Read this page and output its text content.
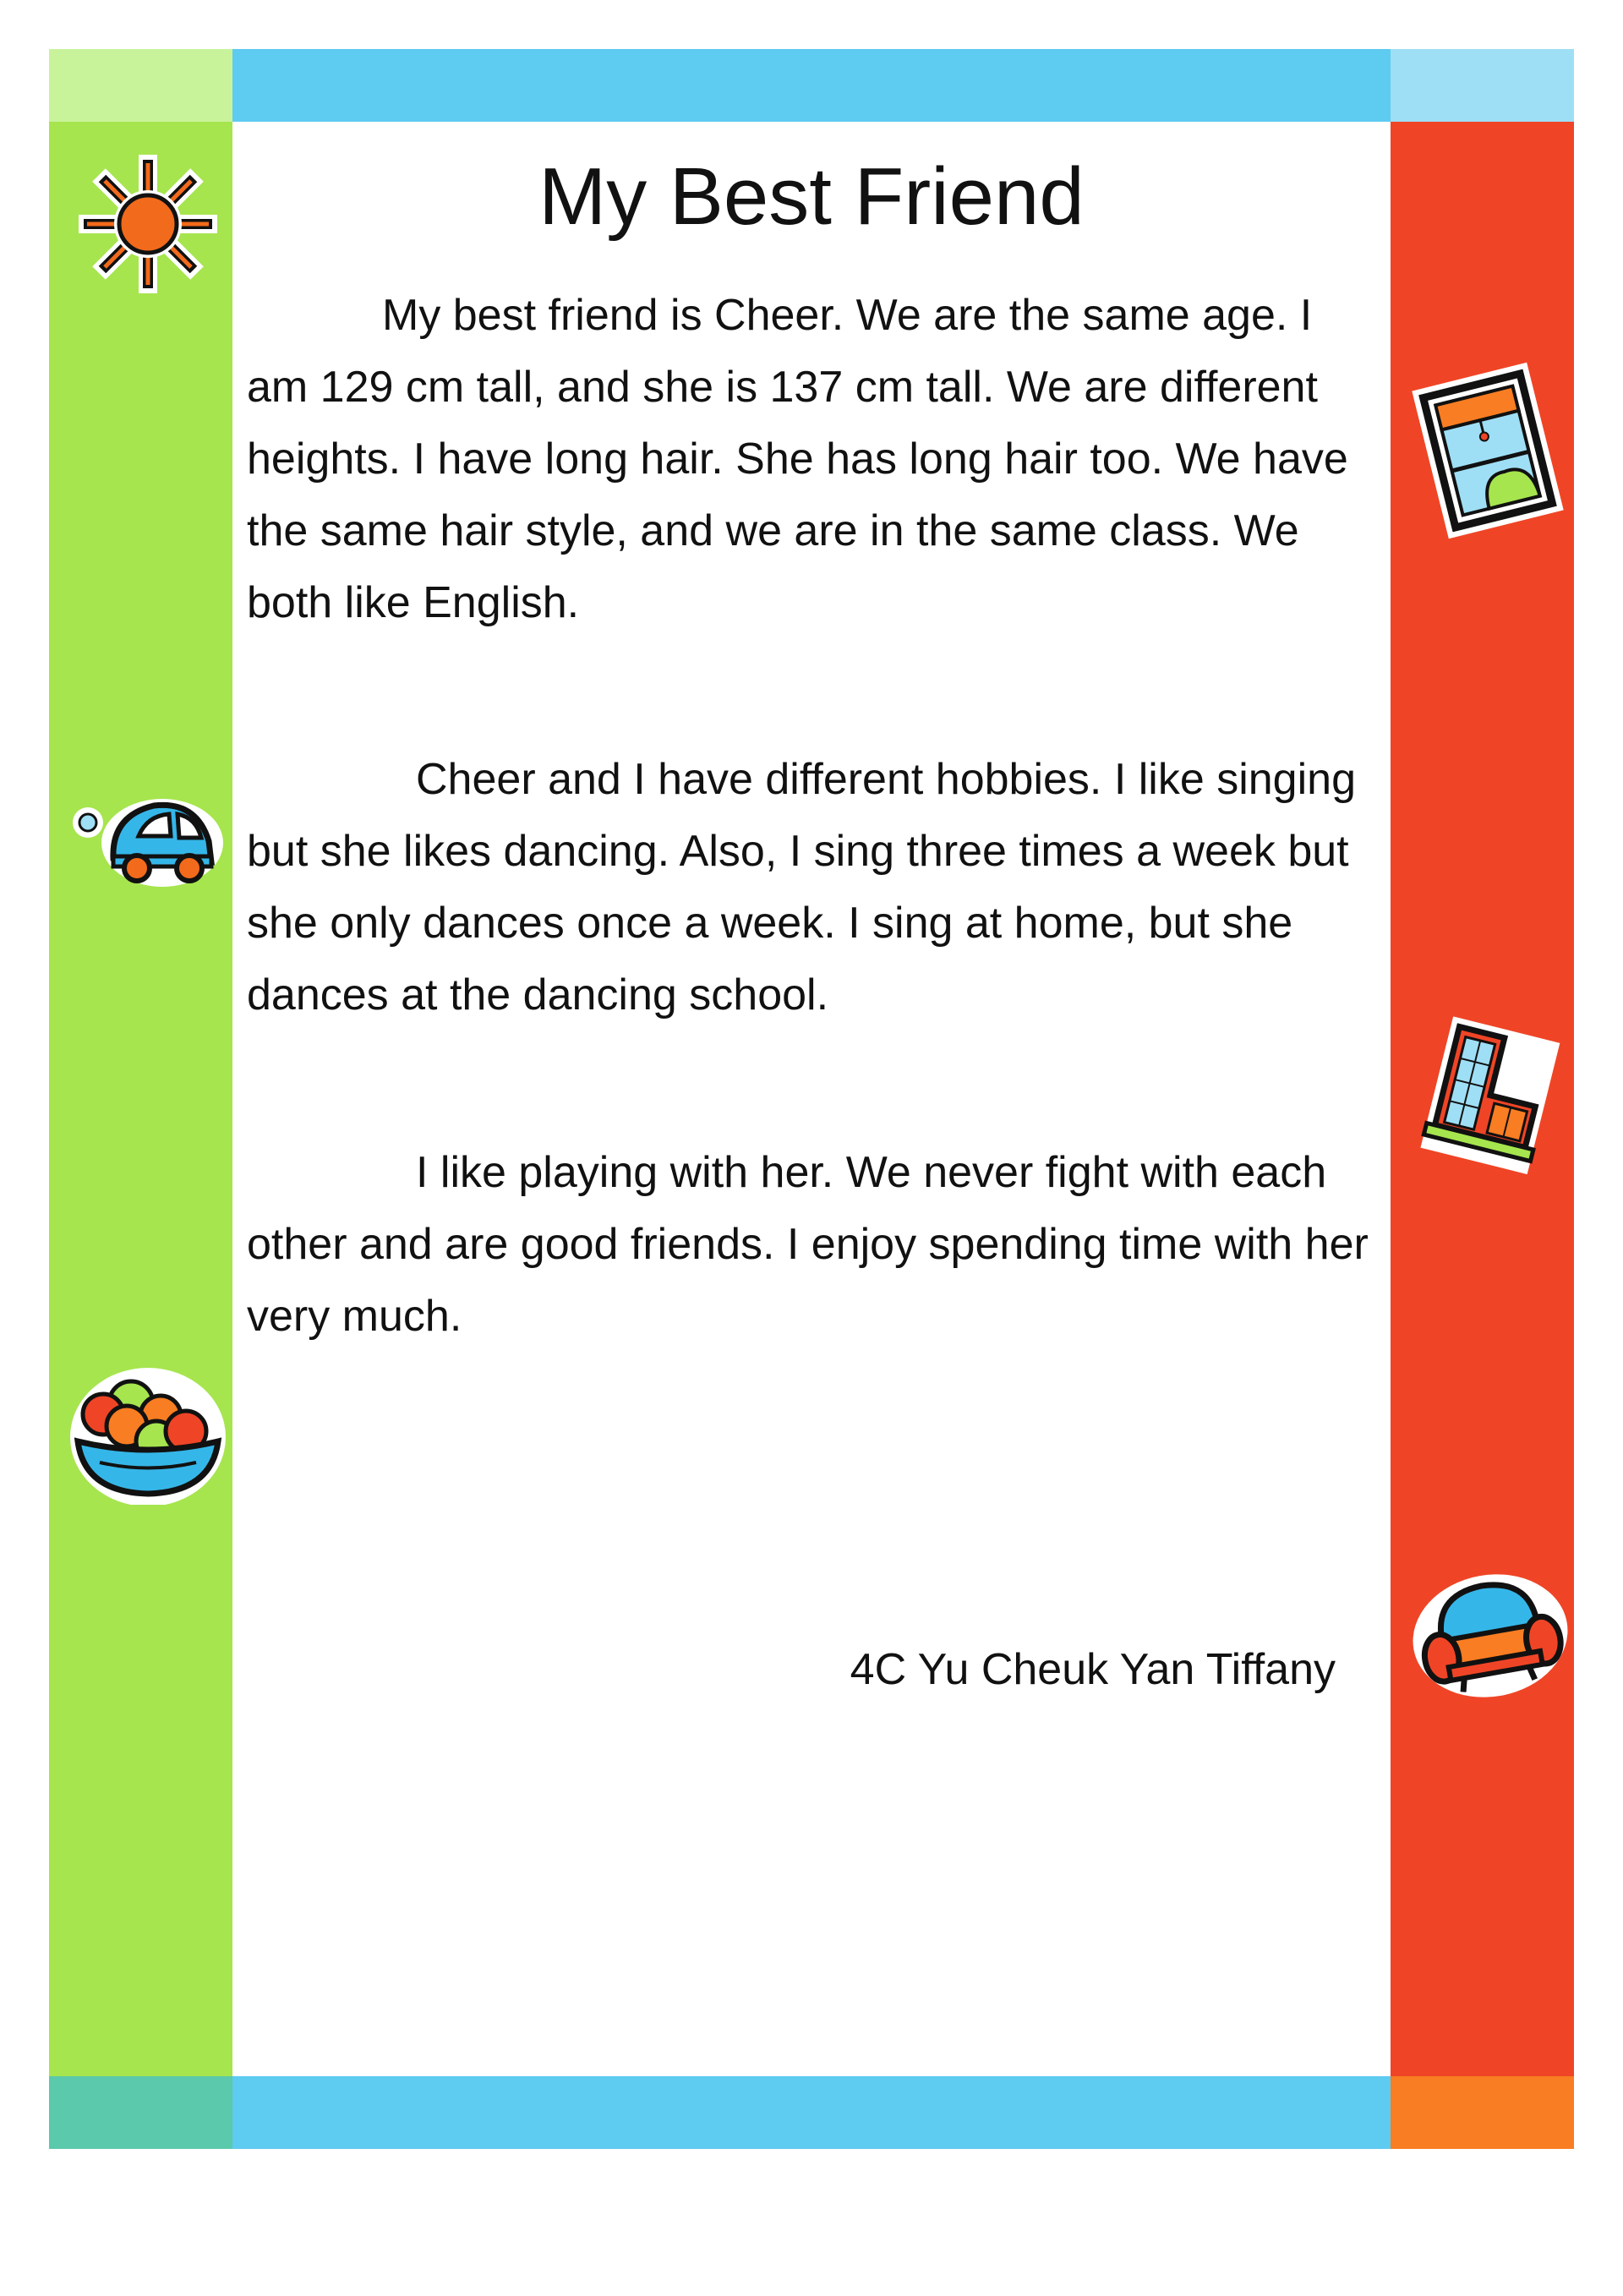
My Best Friend

My best friend is Cheer. We are the same age. I am 129 cm tall, and she is 137 cm tall. We are different heights. I have long hair. She has long hair too. We have the same hair style, and we are in the same class. We both like English.

Cheer and I have different hobbies. I like singing but she likes dancing. Also, I sing three times a week but she only dances once a week. I sing at home, but she dances at the dancing school.

I like playing with her. We never fight with each other and are good friends. I enjoy spending time with her very much.

4C Yu Cheuk Yan Tiffany
